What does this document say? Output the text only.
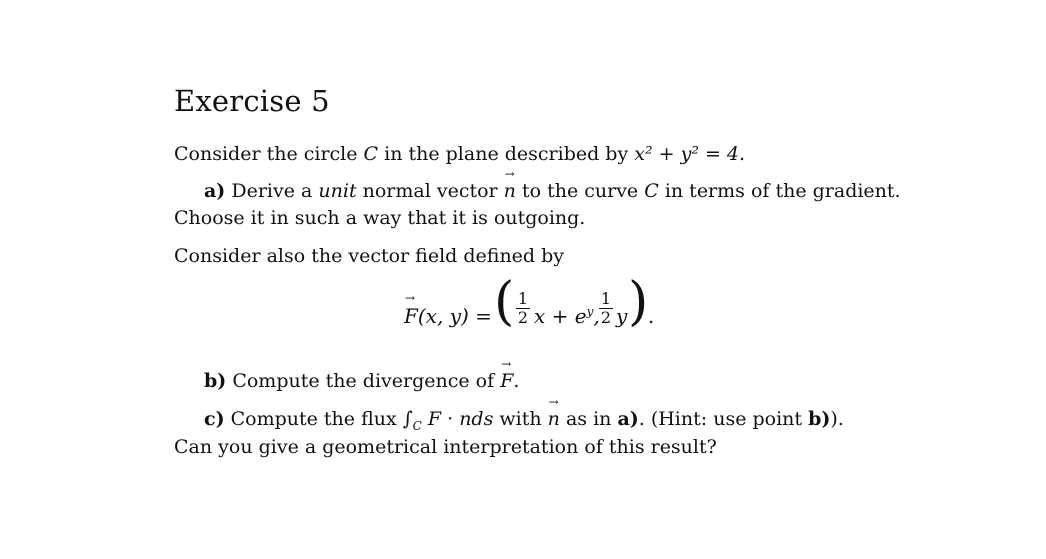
Exercise 5
Consider the circle C in the plane described by x² + y² = 4.
a) Derive a unit normal vector → n to the curve C in terms of the gradient.
Choose it in such a way that it is outgoing.
Consider also the vector field defined by
→ F(x, y) = ( $\frac{1}{2}$ $x + e^y$, $\frac{1}{2}$ y ) .
b) Compute the divergence of → F.
c) Compute the flux $\int_C$ F · nds with → n as in a). (Hint: use point b)).
Can you give a geometrical interpretation of this result?
